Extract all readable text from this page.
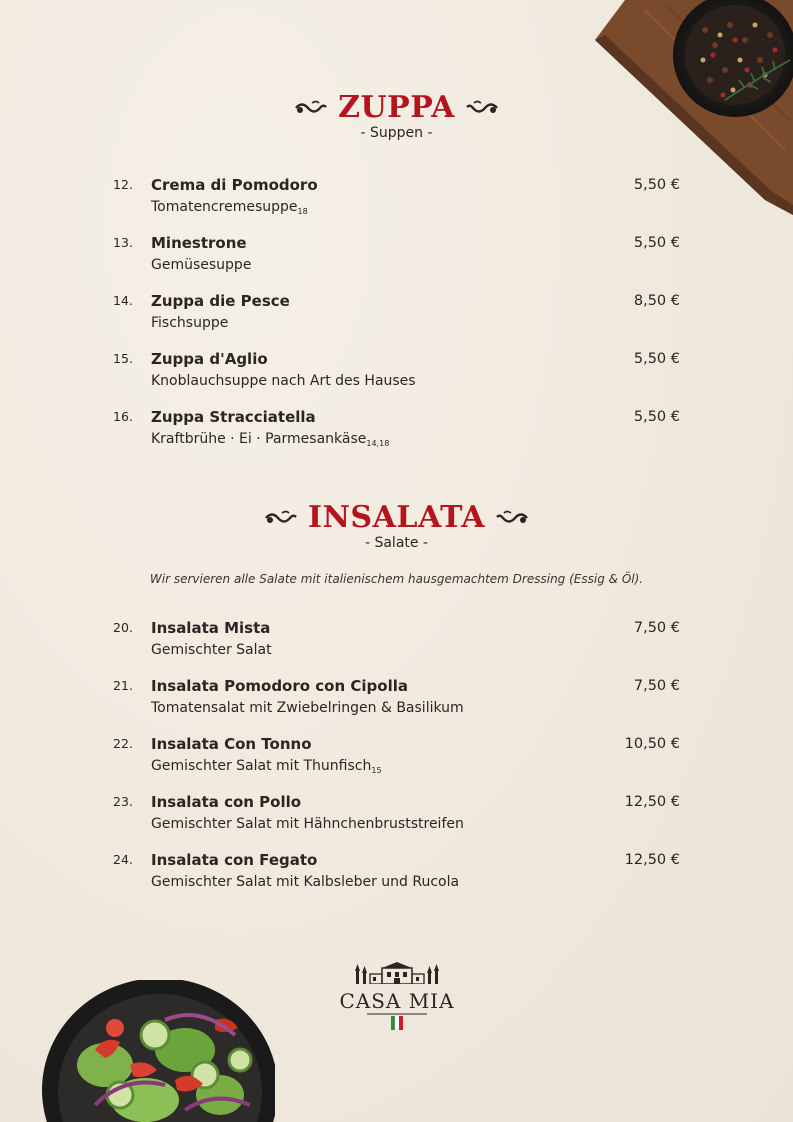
ZUPPA
- Suppen -
12. Crema di Pomodoro
Tomatencremesuppe$_{18}$
5,50 €
13. Minestrone
Gemüsesuppe
5,50 €
14. Zuppa die Pesce
Fischsuppe
8,50 €
15. Zuppa d'Aglio
Knoblauchsuppe nach Art des Hauses
5,50 €
16. Zuppa Stracciatella
Kraftbrühe · Ei · Parmesankäse$_{14,18}$
5,50 €
INSALATA
- Salate -
Wir servieren alle Salate mit italienischem hausgemachtem Dressing (Essig & Öl).
20. Insalata Mista
Gemischter Salat
7,50 €
21. Insalata Pomodoro con Cipolla
Tomatensalat mit Zwiebelringen & Basilikum
7,50 €
22. Insalata Con Tonno
Gemischter Salat mit Thunfisch$_{15}$
10,50 €
23. Insalata con Pollo
Gemischter Salat mit Hähnchenbruststreifen
12,50 €
24. Insalata con Fegato
Gemischter Salat mit Kalbsleber und Rucola
12,50 €
CASA MIA
